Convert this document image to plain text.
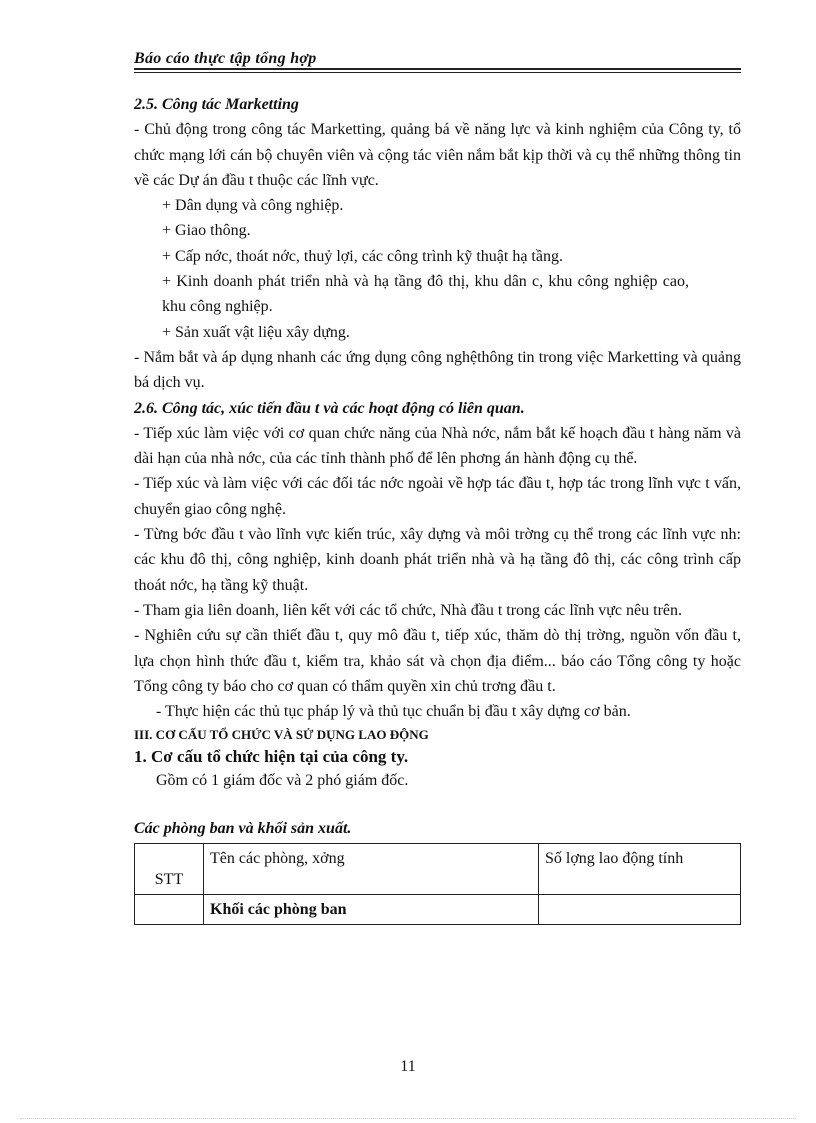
Báo cáo thực tập tổng hợp

2.5. Công tác Marketting

- Chủ động trong công tác Marketting, quảng bá về năng lực và kinh nghiệm của Công ty, tổ chức mạng lới cán bộ chuyên viên và cộng tác viên nắm bắt kịp thời và cụ thể những thông tin về các Dự án đầu t thuộc các lĩnh vực.

+ Dân dụng và công nghiệp.

+ Giao thông.

+ Cấp nớc, thoát nớc, thuỷ lợi, các công trình kỹ thuật hạ tầng.

+ Kinh doanh phát triển nhà và hạ tầng đô thị, khu dân c, khu công nghiệp cao, khu công nghiệp.

+ Sản xuất vật liệu xây dựng.

- Nắm bắt và áp dụng nhanh các ứng dụng công nghệthông tin trong việc Marketting và quảng bá dịch vụ.

2.6. Công tác, xúc tiến đầu t và các hoạt động có liên quan.

- Tiếp xúc làm việc với cơ quan chức năng của Nhà nớc, nắm bắt kế hoạch đầu t hàng năm và dài hạn của nhà nớc, của các tỉnh thành phố để lên phơng án hành động cụ thể.

- Tiếp xúc và làm việc với các đối tác nớc ngoài về hợp tác đầu t, hợp tác trong lĩnh vực t vấn, chuyển giao công nghệ.

- Từng bớc đầu t vào lĩnh vực kiến trúc, xây dựng và môi trờng cụ thể trong các lĩnh vực nh: các khu đô thị, công nghiệp, kinh doanh phát triển nhà và hạ tầng đô thị, các công trình cấp thoát nớc, hạ tầng kỹ thuật.

- Tham gia liên doanh, liên kết với các tổ chức, Nhà đầu t trong các lĩnh vực nêu trên.

- Nghiên cứu sự cần thiết đầu t, quy mô đầu t, tiếp xúc, thăm dò thị trờng, nguồn vốn đầu t, lựa chọn hình thức đầu t, kiểm tra, khảo sát và chọn địa điểm... báo cáo Tổng công ty hoặc Tổng công ty báo cho cơ quan có thẩm quyền xin chủ trơng đầu t.

- Thực hiện các thủ tục pháp lý và thủ tục chuẩn bị đầu t xây dựng cơ bản.

III. CƠ CẤU TỔ CHỨC VÀ SỬ DỤNG LAO ĐỘNG

1. Cơ cấu tổ chức hiện tại của công ty.

Gồm có 1 giám đốc và 2 phó giám đốc.

Các phòng ban và khối sản xuất.

STT	Tên các phòng, xởng	Số lợng lao động tính
	Khối các phòng ban	
11
